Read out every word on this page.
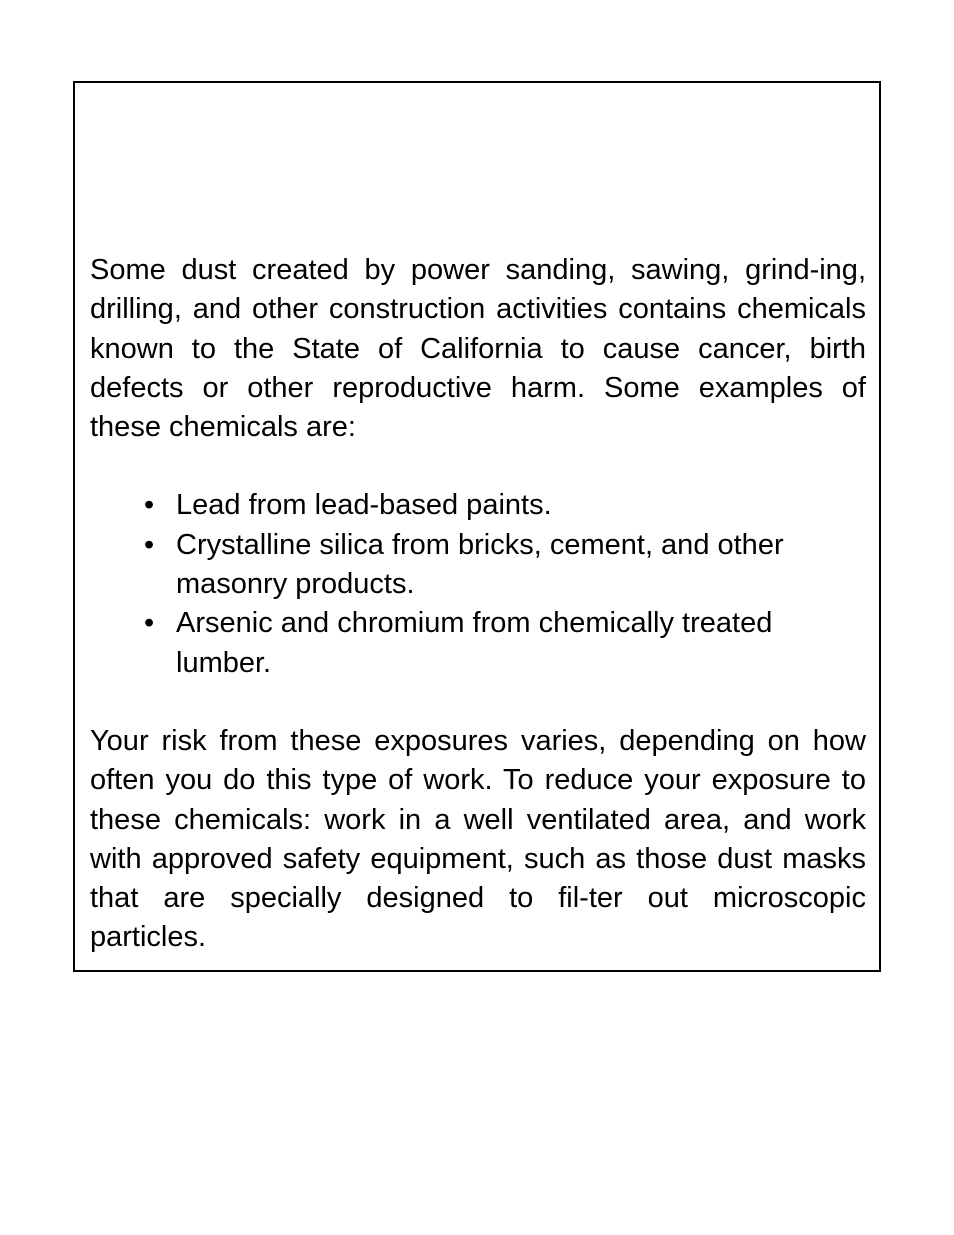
Some dust created by power sanding, sawing, grind-ing, drilling, and other construction activities contains chemicals known to the State of California to cause cancer, birth defects or other reproductive harm. Some examples of these chemicals are:

• Lead from lead-based paints.
• Crystalline silica from bricks, cement, and other masonry products.
• Arsenic and chromium from chemically treated lumber.

Your risk from these exposures varies, depending on how often you do this type of work. To reduce your exposure to these chemicals: work in a well ventilated area, and work with approved safety equipment, such as those dust masks that are specially designed to fil-ter out microscopic particles.
